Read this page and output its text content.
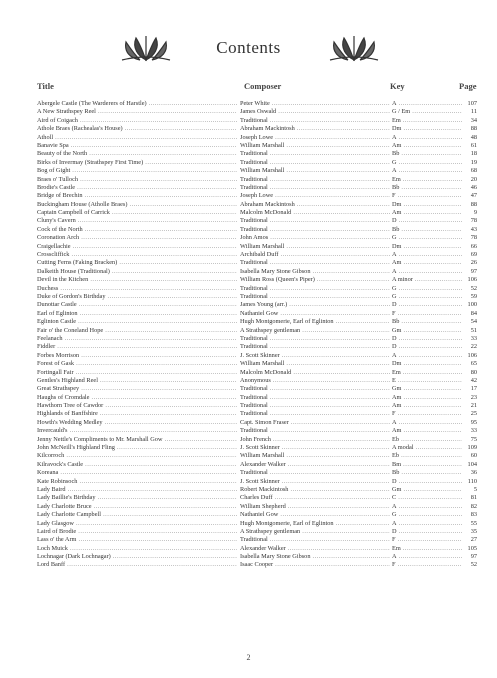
Contents
Title	Composer	Key	Page
Abergele Castle (The Warderers of Harstle) .....	Peter White .....	A .....	107
A New Strathspey Reel .....	James Oswald .....	G / Em .....	11
Aird of Coigach .....	Traditional .....	Em .....	34
Athole Braes (Rachealas's House) .....	Abraham Mackintosh .....	Dm .....	88
Atholl .....	Joseph Lowe .....	A .....	48
Banavie Spa .....	William Marshall .....	Am .....	61
Beauty of the North .....	Traditional .....	Bb .....	18
Birks of Invermay (Strathspey First Time) .....	Traditional .....	G .....	19
Bog of Gight .....	William Marshall .....	A .....	68
Braes o' Tulloch .....	Traditional .....	Em .....	20
Brodie's Castle .....	Traditional .....	Bb .....	46
Bridge of Brechin .....	Joseph Lowe .....	F .....	47
Buckingham House (Atholle Braes) .....	Abraham Mackintosh .....	Dm .....	88
Captain Campbell of Carrick .....	Malcolm McDonald .....	Am .....	9
Cluny's Cavern .....	Traditional .....	D .....	78
Cock of the North .....	Traditional .....	Bb .....	43
Coronation Arch .....	John Amos .....	G .....	78
Craigellachie .....	William Marshall .....	Dm .....	66
Crosscliffick .....	Archibald Duff .....	A .....	69
Cutting Ferns (Faking Bracken) .....	Traditional .....	Am .....	26
Dalkeith House (Traditional) .....	Isabella Mary Stone Gibson .....	A .....	97
Devil in the Kitchen .....	William Ross (Queen's Piper) .....	A minor .....	106
Duchess .....	Traditional .....	G .....	52
Duke of Gordon's Birthday .....	Traditional .....	G .....	59
Dunottar Castle .....	James Young (arr.) .....	D .....	100
Earl of Eglinton .....	Nathaniel Gow .....	F .....	84
Eglinton Castle .....	Hugh Montgomerie, Earl of Eglinton .....	Bb .....	54
Fair o' the Coneland Hope .....	A Strathspey gentleman .....	Gm .....	51
Feelanach .....	Traditional .....	D .....	33
Fiddler .....	Traditional .....	D .....	22
Forbes Morrison .....	J. Scott Skinner .....	A .....	106
Forest of Gask .....	William Marshall .....	Dm .....	65
Fortingall Fair .....	Malcolm McDonald .....	Em .....	80
Gentles's Highland Reel .....	Anonymous .....	E .....	42
Great Strathspey .....	Traditional .....	Gm .....	17
Haughs of Cromdale .....	Traditional .....	Am .....	23
Hawthorn Tree of Cawdor .....	Traditional .....	Am .....	21
Highlands of Banffshire .....	Traditional .....	F .....	25
Howth's Wedding Medley .....	Capt. Simon Fraser .....	A .....	95
Invercauld's .....	Traditional .....	Am .....	33
Jenny Nettle's Compliments to Mr. Marshall Gow .....	John French .....	Eb .....	75
John McNeill's Highland Fling .....	J. Scott Skinner .....	A modal .....	109
Kilcorroch .....	William Marshall .....	Eb .....	60
Kilravock's Castle .....	Alexander Walker .....	Bm .....	104
Koreana .....	Traditional .....	Bb .....	36
Kate Robinsoch .....	J. Scott Skinner .....	D .....	110
Lady Baird .....	Robert Mackintosh .....	Gm .....	5
Lady Baillie's Birthday .....	Charles Duff .....	C .....	81
Lady Charlotte Bruce .....	William Shepherd .....	A .....	82
Lady Charlotte Campbell .....	Nathaniel Gow .....	G .....	83
Lady Glasgow .....	Hugh Montgomerie, Earl of Eglinton .....	A .....	55
Laird of Brodie .....	A Strathspey gentleman .....	D .....	35
Lass o' the Arm .....	Traditional .....	F .....	27
Loch Muick .....	Alexander Walker .....	Em .....	105
Lochnagar (Dark Lochnagar) .....	Isabella Mary Stone Gibson .....	A .....	97
Lord Banff .....	Isaac Cooper .....	F .....	52
2
